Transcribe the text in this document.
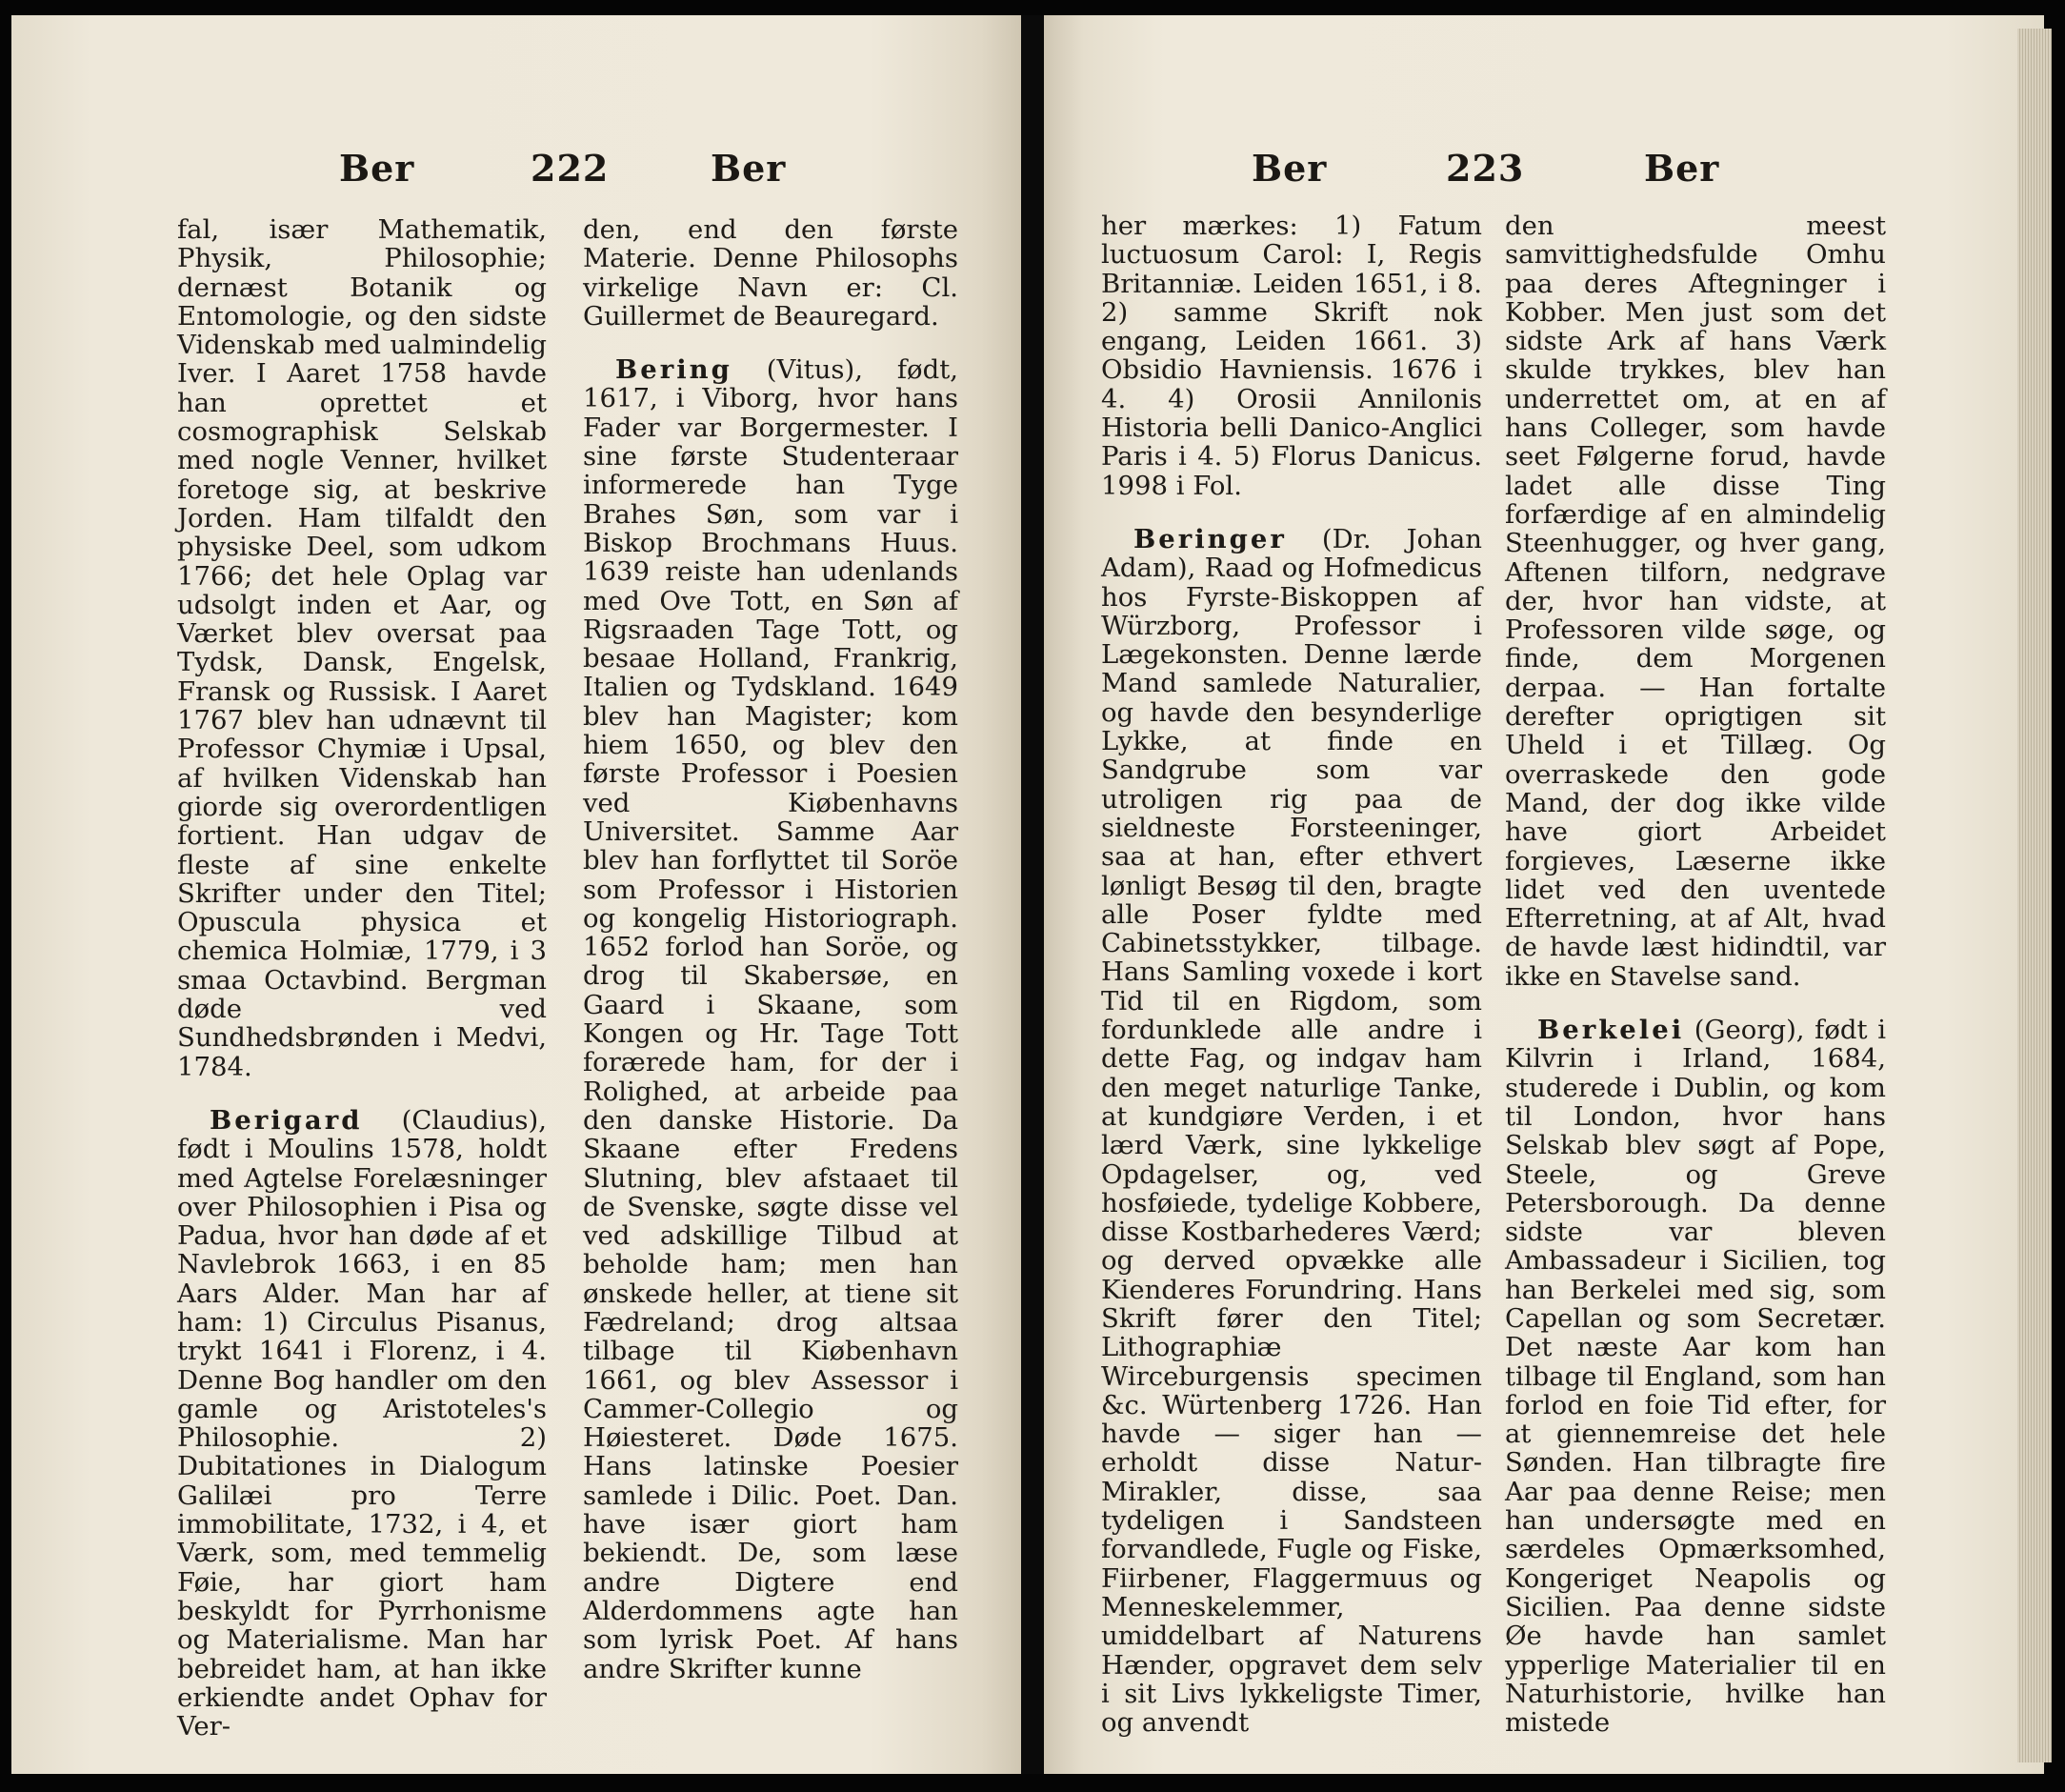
Ber	222	Ber

fal, især Mathematik, Physik, Philosophie; dernæst Botanik og Entomologie, og den sidste Videnskab med ualmindelig Iver. I Aaret 1758 havde han oprettet et cosmographisk Selskab med nogle Venner, hvilket foretoge sig, at beskrive Jorden. Ham tilfaldt den physiske Deel, som udkom 1766; det hele Oplag var udsolgt inden et Aar, og Værket blev oversat paa Tydsk, Dansk, Engelsk, Fransk og Russisk. I Aaret 1767 blev han udnævnt til Professor Chymiæ i Upsal, af hvilken Videnskab han giorde sig overordentligen fortient. Han udgav de fleste af sine enkelte Skrifter under den Titel; Opuscula physica et chemica Holmiæ, 1779, i 3 smaa Octavbind. Bergman døde ved Sundhedsbrønden i Medvi, 1784.

Berigard (Claudius), født i Moulins 1578, holdt med Agtelse Forelæsninger over Philosophien i Pisa og Padua, hvor han døde af et Navlebrok 1663, i en 85 Aars Alder. Man har af ham: 1) Circulus Pisanus, trykt 1641 i Florenz, i 4. Denne Bog handler om den gamle og Aristoteles's Philosophie. 2) Dubitationes in Dialogum Galilæi pro Terre immobilitate, 1732, i 4, et Værk, som, med temmelig Føie, har giort ham beskyldt for Pyrrhonisme og Materialisme. Man har bebreidet ham, at han ikke erkiendte andet Ophav for Ver-

den, end den første Materie. Denne Philosophs virkelige Navn er: Cl. Guillermet de Beauregard.

Bering (Vitus), født, 1617, i Viborg, hvor hans Fader var Borgermester. I sine første Studenteraar informerede han Tyge Brahes Søn, som var i Biskop Brochmans Huus. 1639 reiste han udenlands med Ove Tott, en Søn af Rigsraaden Tage Tott, og besaae Holland, Frankrig, Italien og Tydskland. 1649 blev han Magister; kom hiem 1650, og blev den første Professor i Poesien ved Kiøbenhavns Universitet. Samme Aar blev han forflyttet til Soröe som Professor i Historien og kongelig Historiograph. 1652 forlod han Soröe, og drog til Skabersøe, en Gaard i Skaane, som Kongen og Hr. Tage Tott forærede ham, for der i Rolighed, at arbeide paa den danske Historie. Da Skaane efter Fredens Slutning, blev afstaaet til de Svenske, søgte disse vel ved adskillige Tilbud at beholde ham; men han ønskede heller, at tiene sit Fædreland; drog altsaa tilbage til Kiøbenhavn 1661, og blev Assessor i Cammer-Collegio og Høiesteret. Døde 1675. Hans latinske Poesier samlede i Dilic. Poet. Dan. have især giort ham bekiendt. De, som læse andre Digtere end Alderdommens agte han som lyrisk Poet. Af hans andre Skrifter kunne

Ber	223	Ber

her mærkes: 1) Fatum luctuosum Carol: I, Regis Britanniæ. Leiden 1651, i 8. 2) samme Skrift nok engang, Leiden 1661. 3) Obsidio Havniensis. 1676 i 4. 4) Orosii Annilonis Historia belli Danico-Anglici Paris i 4. 5) Florus Danicus. 1998 i Fol.

Beringer (Dr. Johan Adam), Raad og Hofmedicus hos Fyrste-Biskoppen af Würzborg, Professor i Lægekonsten. Denne lærde Mand samlede Naturalier, og havde den besynderlige Lykke, at finde en Sandgrube som var utroligen rig paa de sieldneste Forsteeninger, saa at han, efter ethvert lønligt Besøg til den, bragte alle Poser fyldte med Cabinetsstykker, tilbage. Hans Samling voxede i kort Tid til en Rigdom, som fordunklede alle andre i dette Fag, og indgav ham den meget naturlige Tanke, at kundgiøre Verden, i et lærd Værk, sine lykkelige Opdagelser, og, ved hosføiede, tydelige Kobbere, disse Kostbarhederes Værd; og derved opvække alle Kienderes Forundring. Hans Skrift fører den Titel; Lithographiæ Wirceburgensis specimen &c. Würtenberg 1726. Han havde — siger han — erholdt disse Natur-Mirakler, disse, saa tydeligen i Sandsteen forvandlede, Fugle og Fiske, Fiirbener, Flaggermuus og Menneskelemmer, umiddelbart af Naturens Hænder, opgravet dem selv i sit Livs lykkeligste Timer, og anvendt

den meest samvittighedsfulde Omhu paa deres Aftegninger i Kobber. Men just som det sidste Ark af hans Værk skulde trykkes, blev han underrettet om, at en af hans Colleger, som havde seet Følgerne forud, havde ladet alle disse Ting forfærdige af en almindelig Steenhugger, og hver gang, Aftenen tilforn, nedgrave der, hvor han vidste, at Professoren vilde søge, og finde, dem Morgenen derpaa. — Han fortalte derefter oprigtigen sit Uheld i et Tillæg. Og overraskede den gode Mand, der dog ikke vilde have giort Arbeidet forgieves, Læserne ikke lidet ved den uventede Efterretning, at af Alt, hvad de havde læst hidindtil, var ikke en Stavelse sand.

Berkelei (Georg), født i Kilvrin i Irland, 1684, studerede i Dublin, og kom til London, hvor hans Selskab blev søgt af Pope, Steele, og Greve Petersborough. Da denne sidste var bleven Ambassadeur i Sicilien, tog han Berkelei med sig, som Capellan og som Secretær. Det næste Aar kom han tilbage til England, som han forlod en foie Tid efter, for at giennemreise det hele Sønden. Han tilbragte fire Aar paa denne Reise; men han undersøgte med en særdeles Opmærksomhed, Kongeriget Neapolis og Sicilien. Paa denne sidste Øe havde han samlet ypperlige Materialier til en Naturhistorie, hvilke han mistede
